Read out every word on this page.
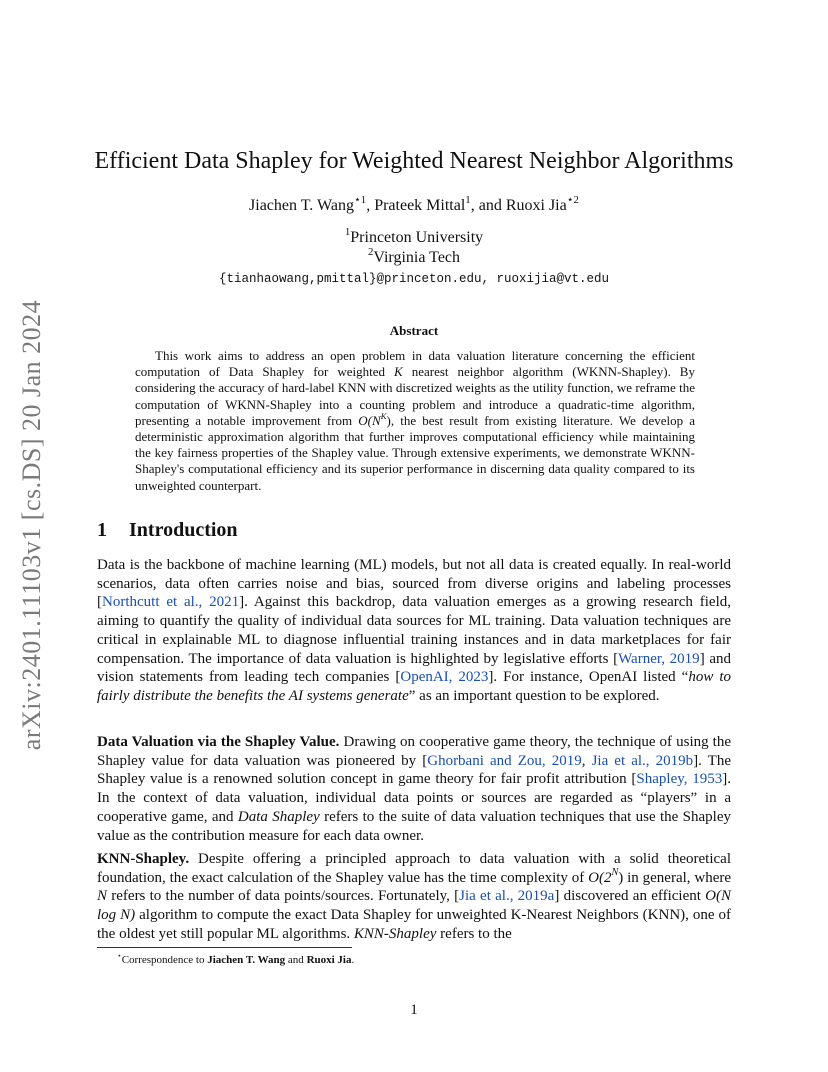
arXiv:2401.11103v1 [cs.DS] 20 Jan 2024
Efficient Data Shapley for Weighted Nearest Neighbor Algorithms
Jiachen T. Wang$^{⋆1}$, Prateek Mittal$^1$, and Ruoxi Jia$^{⋆2}$
$^1$Princeton University
$^2$Virginia Tech
{tianhaowang,pmittal}@princeton.edu, ruoxijia@vt.edu
Abstract

This work aims to address an open problem in data valuation literature concerning the efficient computation of Data Shapley for weighted K nearest neighbor algorithm (WKNN-Shapley). By considering the accuracy of hard-label KNN with discretized weights as the utility function, we reframe the computation of WKNN-Shapley into a counting problem and introduce a quadratic-time algorithm, presenting a notable improvement from $O(N^K)$, the best result from existing literature. We develop a deterministic approximation algorithm that further improves computational efficiency while maintaining the key fairness properties of the Shapley value. Through extensive experiments, we demonstrate WKNN-Shapley's computational efficiency and its superior performance in discerning data quality compared to its unweighted counterpart.

1 Introduction

Data is the backbone of machine learning (ML) models, but not all data is created equally. In real-world scenarios, data often carries noise and bias, sourced from diverse origins and labeling processes [Northcutt et al., 2021]. Against this backdrop, data valuation emerges as a growing research field, aiming to quantify the quality of individual data sources for ML training. Data valuation techniques are critical in explainable ML to diagnose influential training instances and in data marketplaces for fair compensation. The importance of data valuation is highlighted by legislative efforts [Warner, 2019] and vision statements from leading tech companies [OpenAI, 2023]. For instance, OpenAI listed “how to fairly distribute the benefits the AI systems generate” as an important question to be explored.

Data Valuation via the Shapley Value. Drawing on cooperative game theory, the technique of using the Shapley value for data valuation was pioneered by [Ghorbani and Zou, 2019, Jia et al., 2019b]. The Shapley value is a renowned solution concept in game theory for fair profit attribution [Shapley, 1953]. In the context of data valuation, individual data points or sources are regarded as “players” in a cooperative game, and Data Shapley refers to the suite of data valuation techniques that use the Shapley value as the contribution measure for each data owner.

KNN-Shapley. Despite offering a principled approach to data valuation with a solid theoretical foundation, the exact calculation of the Shapley value has the time complexity of $O(2^N)$ in general, where N refers to the number of data points/sources. Fortunately, [Jia et al., 2019a] discovered an efficient O(N log N) algorithm to compute the exact Data Shapley for unweighted K-Nearest Neighbors (KNN), one of the oldest yet still popular ML algorithms. KNN-Shapley refers to the

⋆Correspondence to Jiachen T. Wang and Ruoxi Jia.
1
